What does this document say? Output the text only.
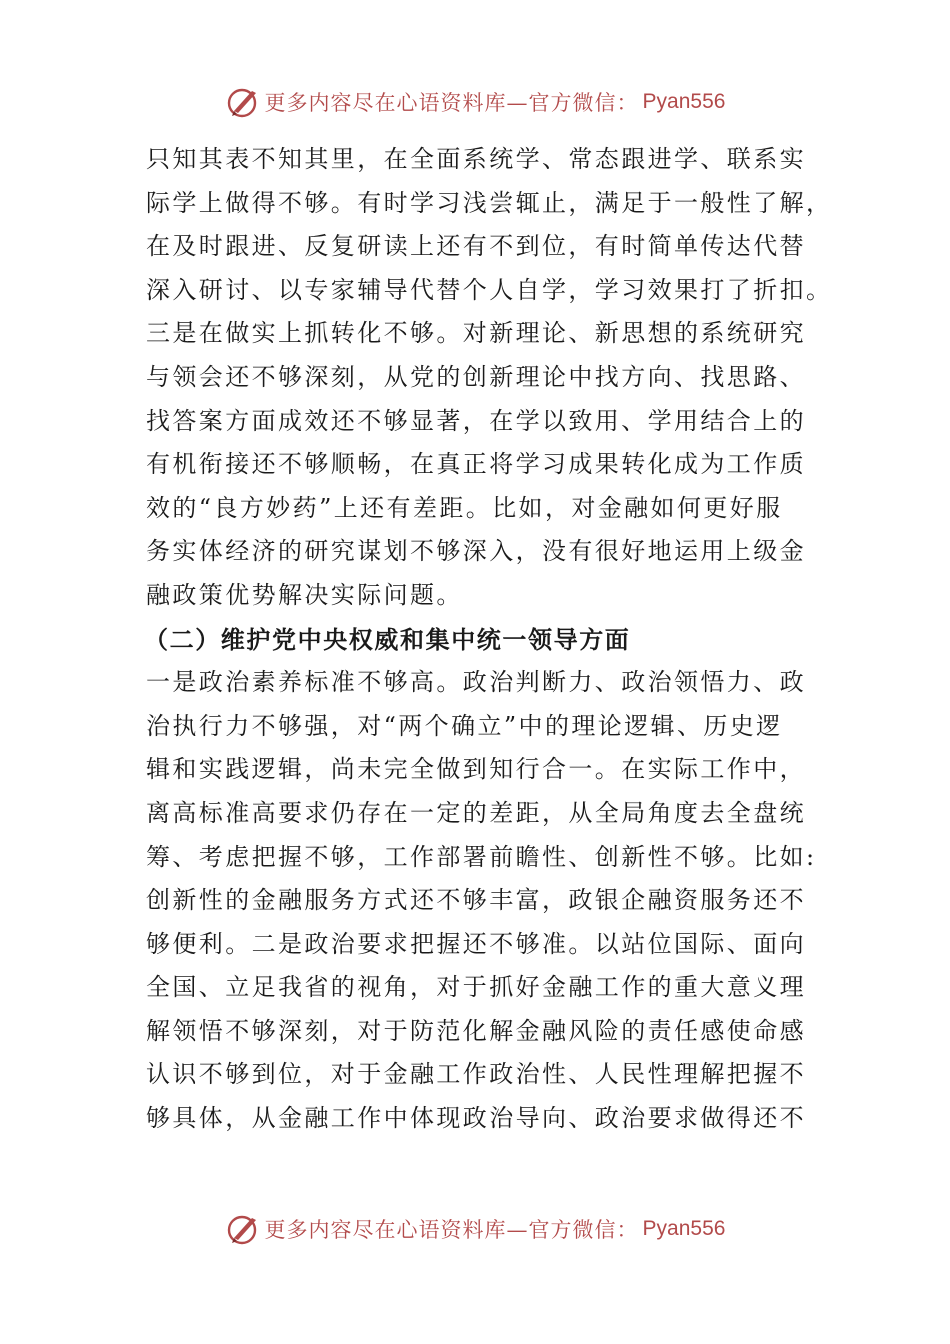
更多内容尽在心语资料库—官方微信： Pyan556
只知其表不知其里，在全面系统学、常态跟进学、联系实
际学上做得不够。有时学习浅尝辄止，满足于一般性了解，
在及时跟进、反复研读上还有不到位，有时简单传达代替
深入研讨、以专家辅导代替个人自学，学习效果打了折扣。
三是在做实上抓转化不够。对新理论、新思想的系统研究
与领会还不够深刻，从党的创新理论中找方向、找思路、
找答案方面成效还不够显著，在学以致用、学用结合上的
有机衔接还不够顺畅，在真正将学习成果转化成为工作质
效的“良方妙药”上还有差距。比如，对金融如何更好服
务实体经济的研究谋划不够深入，没有很好地运用上级金
融政策优势解决实际问题。
（二）维护党中央权威和集中统一领导方面
一是政治素养标准不够高。政治判断力、政治领悟力、政
治执行力不够强，对“两个确立”中的理论逻辑、历史逻
辑和实践逻辑，尚未完全做到知行合一。在实际工作中，
离高标准高要求仍存在一定的差距，从全局角度去全盘统
筹、考虑把握不够，工作部署前瞻性、创新性不够。比如:
创新性的金融服务方式还不够丰富，政银企融资服务还不
够便利。二是政治要求把握还不够准。以站位国际、面向
全国、立足我省的视角，对于抓好金融工作的重大意义理
解领悟不够深刻，对于防范化解金融风险的责任感使命感
认识不够到位，对于金融工作政治性、人民性理解把握不
够具体，从金融工作中体现政治导向、政治要求做得还不
更多内容尽在心语资料库—官方微信： Pyan556
